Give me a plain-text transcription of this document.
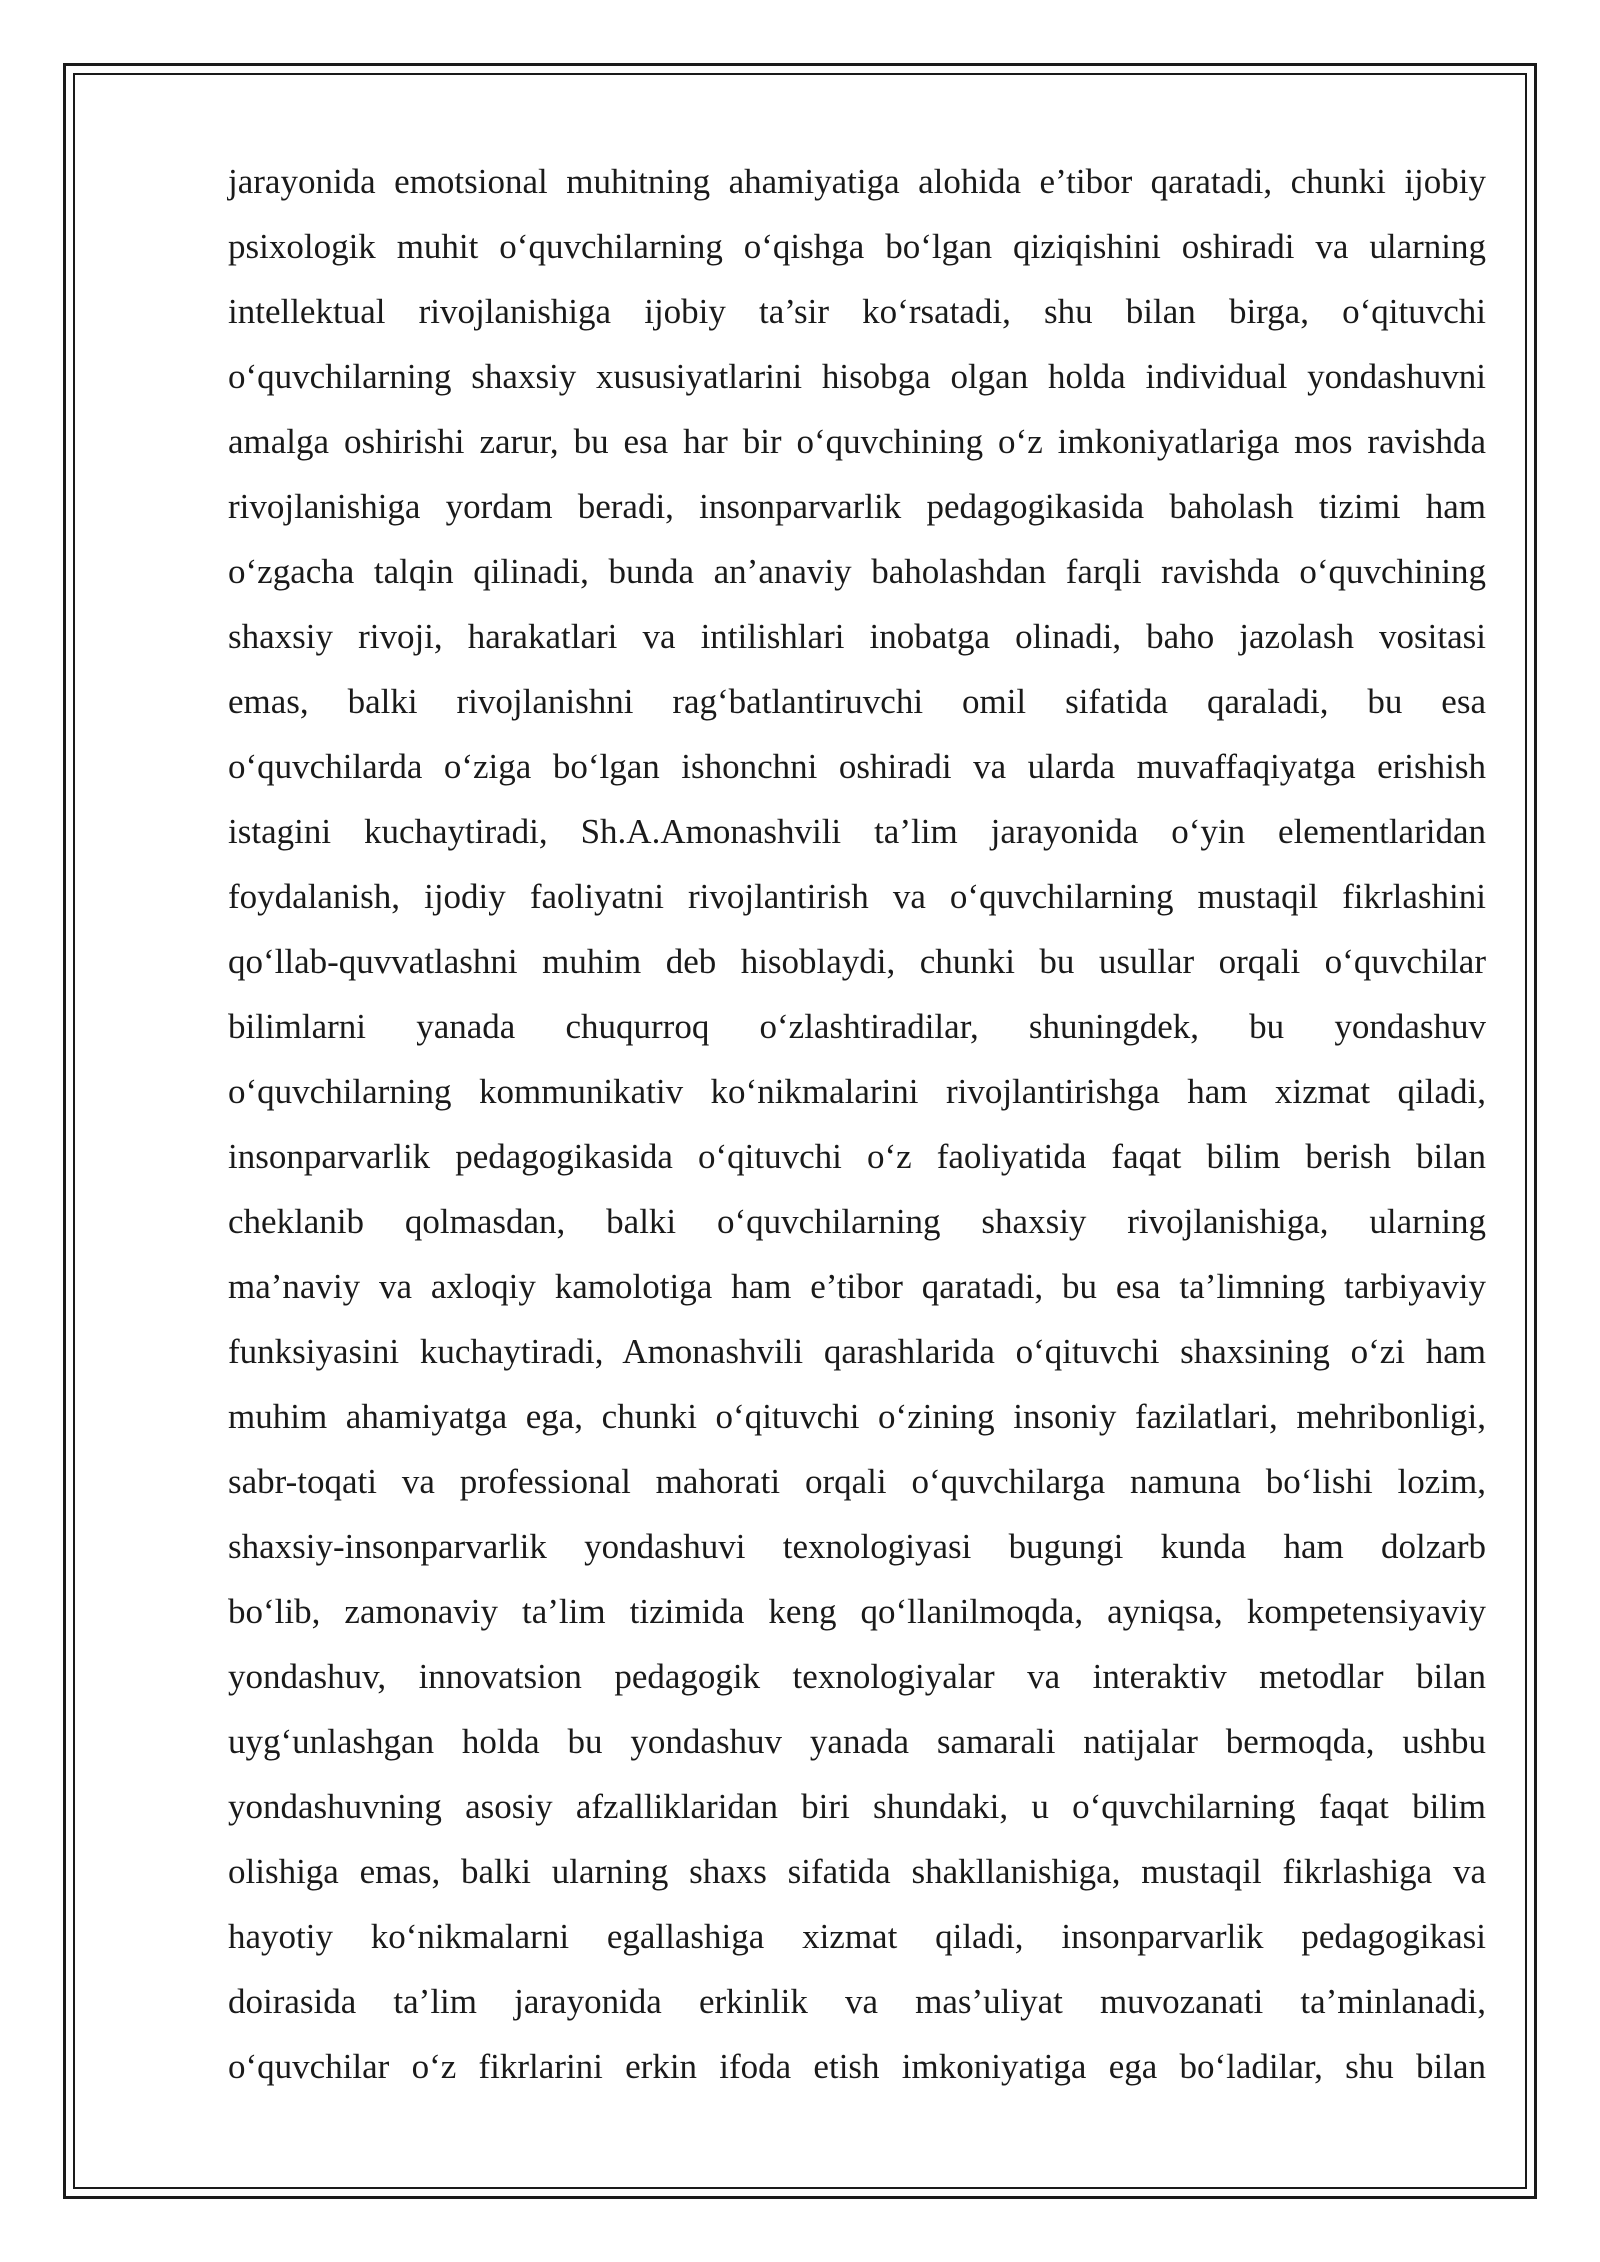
jarayonida emotsional muhitning ahamiyatiga alohida e’tibor qaratadi, chunki ijobiy
psixologik muhit o‘quvchilarning o‘qishga bo‘lgan qiziqishini oshiradi va ularning
intellektual rivojlanishiga ijobiy ta’sir ko‘rsatadi, shu bilan birga, o‘qituvchi
o‘quvchilarning shaxsiy xususiyatlarini hisobga olgan holda individual yondashuvni
amalga oshirishi zarur, bu esa har bir o‘quvchining o‘z imkoniyatlariga mos ravishda
rivojlanishiga yordam beradi, insonparvarlik pedagogikasida baholash tizimi ham
o‘zgacha talqin qilinadi, bunda an’anaviy baholashdan farqli ravishda o‘quvchining
shaxsiy rivoji, harakatlari va intilishlari inobatga olinadi, baho jazolash vositasi
emas, balki rivojlanishni rag‘batlantiruvchi omil sifatida qaraladi, bu esa
o‘quvchilarda o‘ziga bo‘lgan ishonchni oshiradi va ularda muvaffaqiyatga erishish
istagini kuchaytiradi, Sh.A.Amonashvili ta’lim jarayonida o‘yin elementlaridan
foydalanish, ijodiy faoliyatni rivojlantirish va o‘quvchilarning mustaqil fikrlashini
qo‘llab-quvvatlashni muhim deb hisoblaydi, chunki bu usullar orqali o‘quvchilar
bilimlarni yanada chuqurroq o‘zlashtiradilar, shuningdek, bu yondashuv
o‘quvchilarning kommunikativ ko‘nikmalarini rivojlantirishga ham xizmat qiladi,
insonparvarlik pedagogikasida o‘qituvchi o‘z faoliyatida faqat bilim berish bilan
cheklanib qolmasdan, balki o‘quvchilarning shaxsiy rivojlanishiga, ularning
ma’naviy va axloqiy kamolotiga ham e’tibor qaratadi, bu esa ta’limning tarbiyaviy
funksiyasini kuchaytiradi, Amonashvili qarashlarida o‘qituvchi shaxsining o‘zi ham
muhim ahamiyatga ega, chunki o‘qituvchi o‘zining insoniy fazilatlari, mehribonligi,
sabr-toqati va professional mahorati orqali o‘quvchilarga namuna bo‘lishi lozim,
shaxsiy-insonparvarlik yondashuvi texnologiyasi bugungi kunda ham dolzarb
bo‘lib, zamonaviy ta’lim tizimida keng qo‘llanilmoqda, ayniqsa, kompetensiyaviy
yondashuv, innovatsion pedagogik texnologiyalar va interaktiv metodlar bilan
uyg‘unlashgan holda bu yondashuv yanada samarali natijalar bermoqda, ushbu
yondashuvning asosiy afzalliklaridan biri shundaki, u o‘quvchilarning faqat bilim
olishiga emas, balki ularning shaxs sifatida shakllanishiga, mustaqil fikrlashiga va
hayotiy ko‘nikmalarni egallashiga xizmat qiladi, insonparvarlik pedagogikasi
doirasida ta’lim jarayonida erkinlik va mas’uliyat muvozanati ta’minlanadi,
o‘quvchilar o‘z fikrlarini erkin ifoda etish imkoniyatiga ega bo‘ladilar, shu bilan
